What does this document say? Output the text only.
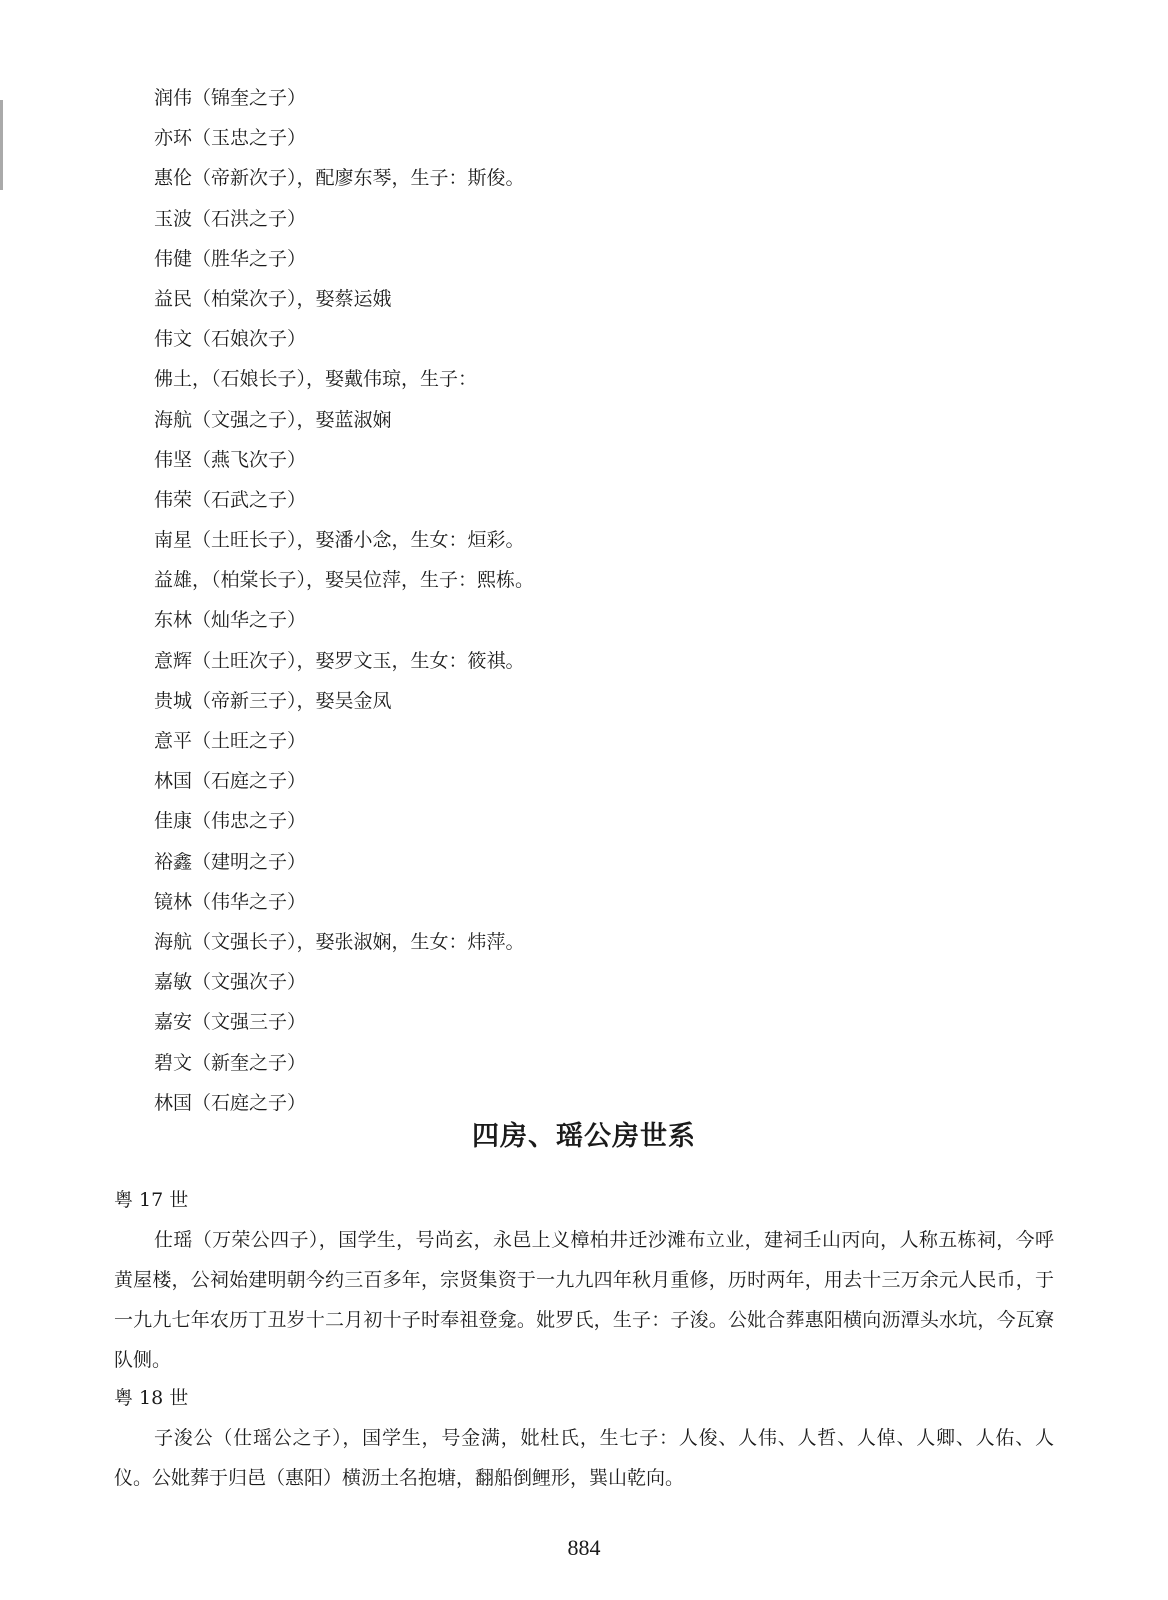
润伟（锦奎之子）
亦环（玉忠之子）
惠伦（帝新次子），配廖东琴，生子：斯俊。
玉波（石洪之子）
伟健（胜华之子）
益民（柏棠次子），娶蔡运娥
伟文（石娘次子）
佛土，（石娘长子），娶戴伟琼，生子：
海航（文强之子），娶蓝淑娴
伟坚（燕飞次子）
伟荣（石武之子）
南星（土旺长子），娶潘小念，生女：烜彩。
益雄，（柏棠长子），娶吴位萍，生子：熙栋。
东林（灿华之子）
意辉（土旺次子），娶罗文玉，生女：筱祺。
贵城（帝新三子），娶吴金凤
意平（土旺之子）
林国（石庭之子）
佳康（伟忠之子）
裕鑫（建明之子）
镜林（伟华之子）
海航（文强长子），娶张淑娴，生女：炜萍。
嘉敏（文强次子）
嘉安（文强三子）
碧文（新奎之子）
林国（石庭之子）
四房、瑶公房世系

粤 17 世

仕瑶（万荣公四子），国学生，号尚玄，永邑上义樟柏井迁沙滩布立业，建祠壬山丙向，人称五栋祠，今呼黄屋楼，公祠始建明朝今约三百多年，宗贤集资于一九九四年秋月重修，历时两年，用去十三万余元人民币，于一九九七年农历丁丑岁十二月初十子时奉祖登龛。妣罗氏，生子：子浚。公妣合葬惠阳横向沥潭头水坑，今瓦寮队侧。

粤 18 世

子浚公（仕瑶公之子），国学生，号金满，妣杜氏，生七子：人俊、人伟、人哲、人倬、人卿、人佑、人仪。公妣葬于归邑（惠阳）横沥土名抱塘，翻船倒鲤形，巽山乾向。

884
